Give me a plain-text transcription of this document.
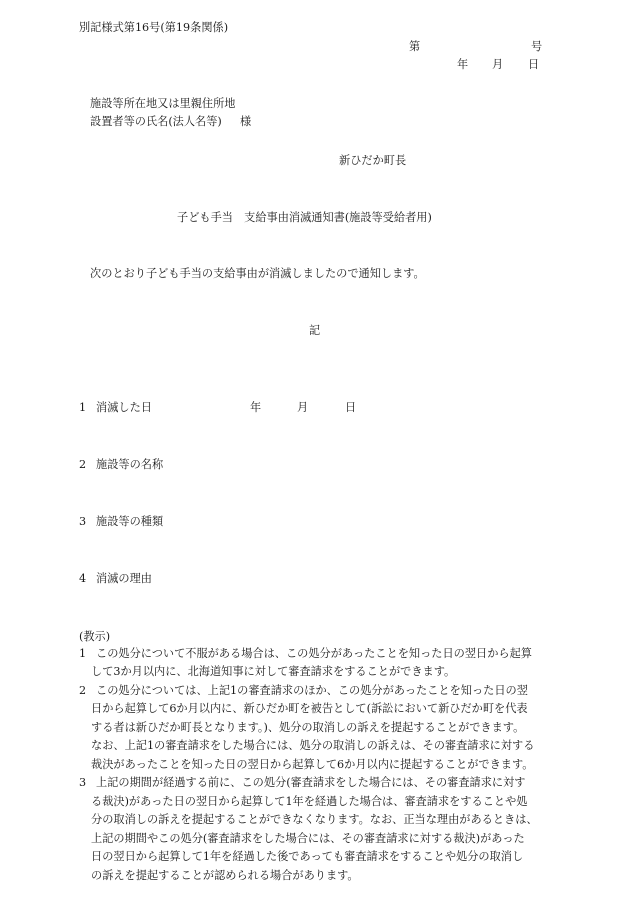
別記様式第16号(第19条関係)
第	号
年 月 日
施設等所在地又は里親住所地
設置者等の氏名(法人名等) 様
新ひだか町長
子ども手当　支給事由消滅通知書(施設等受給者用)
次のとおり子ども手当の支給事由が消滅しましたので通知します。
記
1 消滅した日	年	月	日
2 施設等の名称
3 施設等の種類
4 消滅の理由
(教示)
1 この処分について不服がある場合は、この処分があったことを知った日の翌日から起算
して3か月以内に、北海道知事に対して審査請求をすることができます。
2 この処分については、上記1の審査請求のほか、この処分があったことを知った日の翌
日から起算して6か月以内に、新ひだか町を被告として(訴訟において新ひだか町を代表
する者は新ひだか町長となります。)、処分の取消しの訴えを提起することができます。
なお、上記1の審査請求をした場合には、処分の取消しの訴えは、その審査請求に対する
裁決があったことを知った日の翌日から起算して6か月以内に提起することができます。
3 上記の期間が経過する前に、この処分(審査請求をした場合には、その審査請求に対す
る裁決)があった日の翌日から起算して1年を経過した場合は、審査請求をすることや処
分の取消しの訴えを提起することができなくなります。なお、正当な理由があるときは、
上記の期間やこの処分(審査請求をした場合には、その審査請求に対する裁決)があった
日の翌日から起算して1年を経過した後であっても審査請求をすることや処分の取消し
の訴えを提起することが認められる場合があります。
